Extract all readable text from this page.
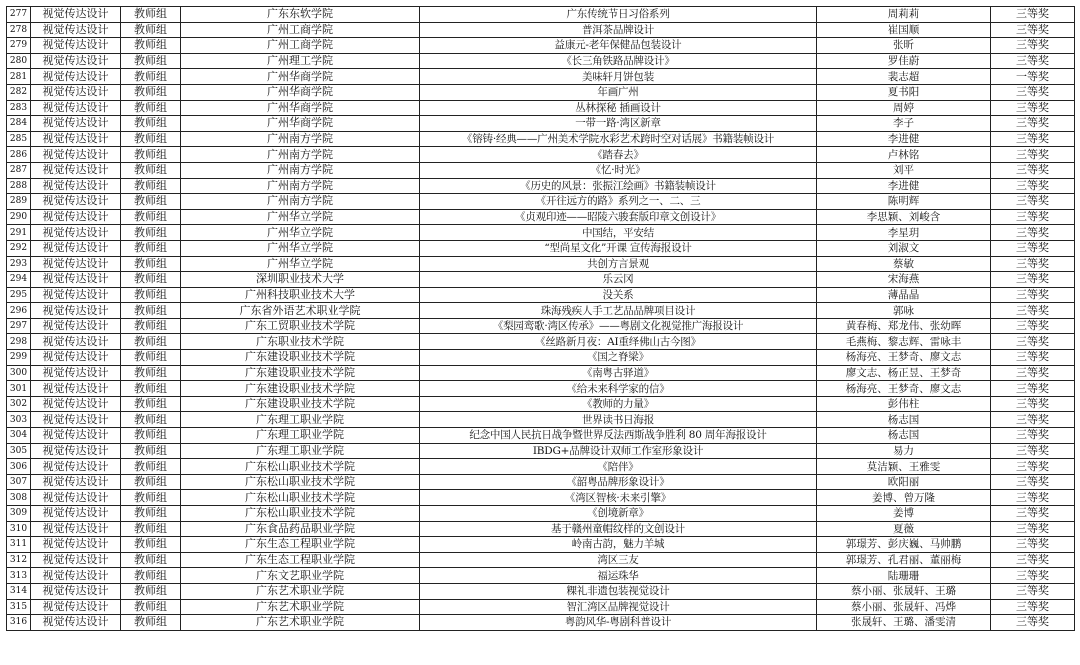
277	视觉传达设计	教师组	广东东软学院	广东传统节日习俗系列	周莉莉	三等奖
278	视觉传达设计	教师组	广州工商学院	普洱茶品牌设计	崔国顺	三等奖
279	视觉传达设计	教师组	广州工商学院	益康元-老年保健品包装设计	张昕	三等奖
280	视觉传达设计	教师组	广州理工学院	《长三角铁路品牌设计》	罗佳蔚	三等奖
281	视觉传达设计	教师组	广州华商学院	美味轩月饼包装	裴志超	一等奖
282	视觉传达设计	教师组	广州华商学院	年画广州	夏书阳	三等奖
283	视觉传达设计	教师组	广州华商学院	丛林探秘 插画设计	周婷	三等奖
284	视觉传达设计	教师组	广州华商学院	一带一路·湾区新章	李子	三等奖
285	视觉传达设计	教师组	广州南方学院	《镕铸·经典——广州美术学院水彩艺术跨时空对话展》书籍装帧设计	李进健	三等奖
286	视觉传达设计	教师组	广州南方学院	《踏春去》	卢林铭	三等奖
287	视觉传达设计	教师组	广州南方学院	《忆·时光》	刘平	三等奖
288	视觉传达设计	教师组	广州南方学院	《历史的风景：张振江绘画》书籍装帧设计	李进健	三等奖
289	视觉传达设计	教师组	广州南方学院	《开往远方的路》系列之一、二、三	陈明辉	三等奖
290	视觉传达设计	教师组	广州华立学院	《贞观印迹——昭陵六骏套版印章文创设计》	李思颖、刘峻含	三等奖
291	视觉传达设计	教师组	广州华立学院	中国结，平安结	李星玥	三等奖
292	视觉传达设计	教师组	广州华立学院	“型尚星文化”开课 宣传海报设计	刘淑文	三等奖
293	视觉传达设计	教师组	广州华立学院	共创方言景观	蔡敏	三等奖
294	视觉传达设计	教师组	深圳职业技术大学	乐云冈	宋海燕	三等奖
295	视觉传达设计	教师组	广州科技职业技术大学	没关系	薄晶晶	三等奖
296	视觉传达设计	教师组	广东省外语艺术职业学院	珠海残疾人手工艺品品牌项目设计	郭咏	三等奖
297	视觉传达设计	教师组	广东工贸职业技术学院	《梨园鸾歌·湾区传承》——粤剧文化视觉推广海报设计	黄春梅、郑龙伟、张幼晖	三等奖
298	视觉传达设计	教师组	广东职业技术学院	《丝路新月夜：AI重绎佛山古今图》	毛燕梅、黎志辉、雷咏丰	三等奖
299	视觉传达设计	教师组	广东建设职业技术学院	《国之脊梁》	杨海亮、王梦奇、廖文志	三等奖
300	视觉传达设计	教师组	广东建设职业技术学院	《南粤古驿道》	廖文志、杨正昱、王梦奇	三等奖
301	视觉传达设计	教师组	广东建设职业技术学院	《给未来科学家的信》	杨海亮、王梦奇、廖文志	三等奖
302	视觉传达设计	教师组	广东建设职业技术学院	《教师的力量》	彭伟柱	三等奖
303	视觉传达设计	教师组	广东理工职业学院	世界读书日海报	杨志国	三等奖
304	视觉传达设计	教师组	广东理工职业学院	纪念中国人民抗日战争暨世界反法西斯战争胜利 80 周年海报设计	杨志国	三等奖
305	视觉传达设计	教师组	广东理工职业学院	IBDG+品牌设计双师工作室形象设计	易力	三等奖
306	视觉传达设计	教师组	广东松山职业技术学院	《陪伴》	莫洁颖、王雅雯	三等奖
307	视觉传达设计	教师组	广东松山职业技术学院	《韶粤品牌形象设计》	欧阳丽	三等奖
308	视觉传达设计	教师组	广东松山职业技术学院	《湾区智核·未来引擎》	姜博、曾万隆	三等奖
309	视觉传达设计	教师组	广东松山职业技术学院	《创境新章》	姜博	三等奖
310	视觉传达设计	教师组	广东食品药品职业学院	基于赣州童帽纹样的文创设计	夏薇	三等奖
311	视觉传达设计	教师组	广东生态工程职业学院	岭南古韵，魅力羊城	郭璟芳、彭庆巍、马帅鹏	三等奖
312	视觉传达设计	教师组	广东生态工程职业学院	湾区三友	郭璟芳、孔君丽、董丽梅	三等奖
313	视觉传达设计	教师组	广东文艺职业学院	福运珠华	陆珊珊	三等奖
314	视觉传达设计	教师组	广东艺术职业学院	粿礼非遗包装视觉设计	蔡小丽、张晟轩、王璐	三等奖
315	视觉传达设计	教师组	广东艺术职业学院	智汇湾区品牌视觉设计	蔡小丽、张晟轩、冯烨	三等奖
316	视觉传达设计	教师组	广东艺术职业学院	粤韵风华-粤剧科普设计	张晟轩、王璐、潘雯清	三等奖
